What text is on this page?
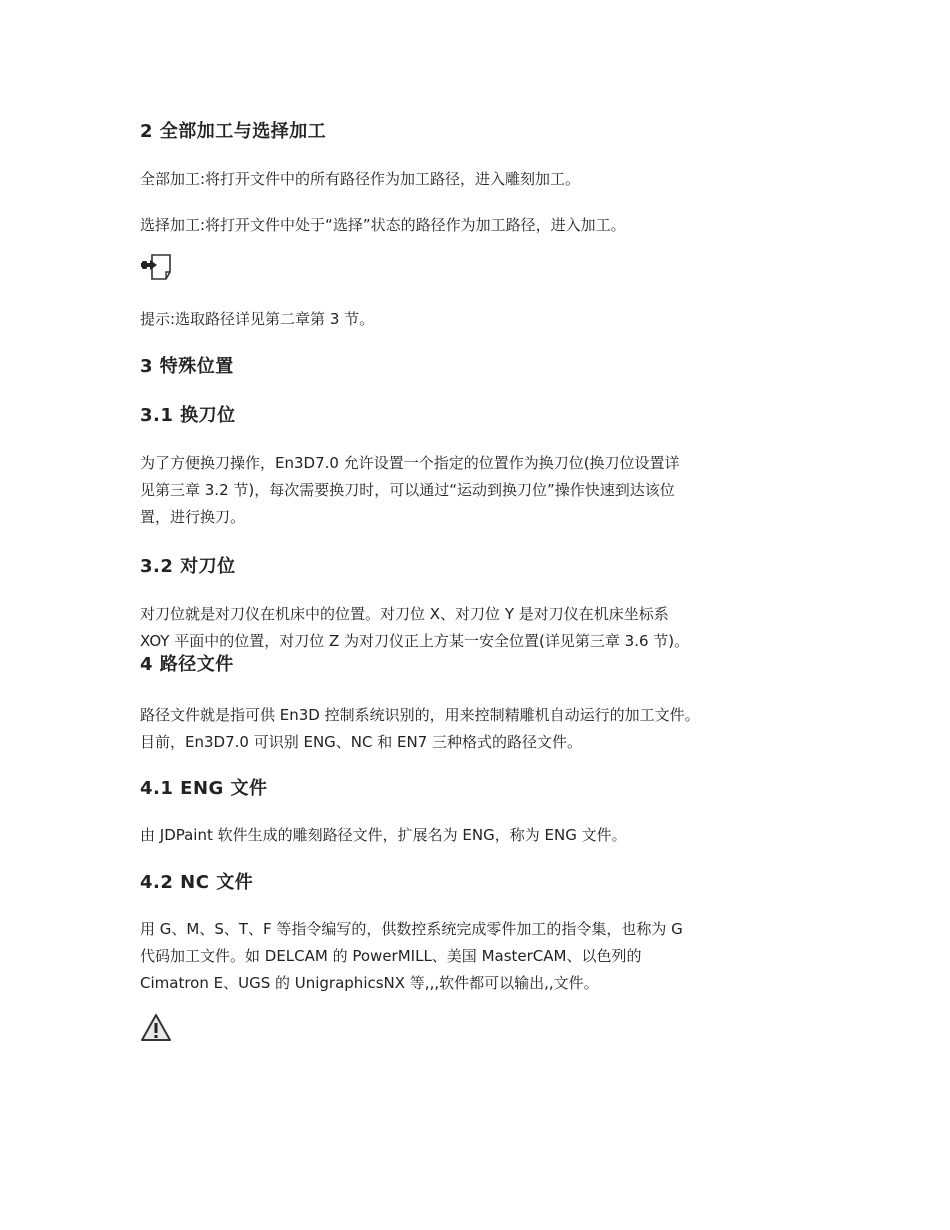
2 全部加工与选择加工

全部加工:将打开文件中的所有路径作为加工路径，进入雕刻加工。

选择加工:将打开文件中处于“选择”状态的路径作为加工路径，进入加工。

提示:选取路径详见第二章第 3 节。

3 特殊位置
3.1 换刀位

为了方便换刀操作，En3D7.0 允许设置一个指定的位置作为换刀位(换刀位设置详

见第三章 3.2 节)，每次需要换刀时，可以通过“运动到换刀位”操作快速到达该位

置，进行换刀。

3.2 对刀位

对刀位就是对刀仪在机床中的位置。对刀位 X、对刀位 Y 是对刀仪在机床坐标系

XOY 平面中的位置，对刀位 Z 为对刀仪正上方某一安全位置(详见第三章 3.6 节)。

4 路径文件

路径文件就是指可供 En3D 控制系统识别的，用来控制精雕机自动运行的加工文件。

目前，En3D7.0 可识别 ENG、NC 和 EN7 三种格式的路径文件。

4.1 ENG 文件

由 JDPaint 软件生成的雕刻路径文件，扩展名为 ENG，称为 ENG 文件。

4.2 NC 文件

用 G、M、S、T、F 等指令编写的，供数控系统完成零件加工的指令集，也称为 G

代码加工文件。如 DELCAM 的 PowerMILL、美国 MasterCAM、以色列的

Cimatron E、UGS 的 UnigraphicsNX 等,,,软件都可以输出,,文件。
